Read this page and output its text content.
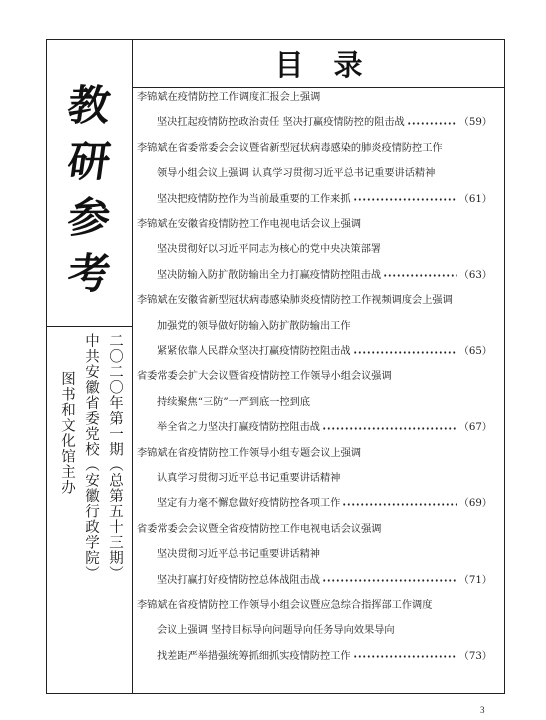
教
研
参
考
二〇二〇年第一期（总第五十三期）
中共安徽省委党校（安徽行政学院）
图书和文化馆主办
目录
李锦斌在疫情防控工作调度汇报会上强调
坚决扛起疫情防控政治责任 坚决打赢疫情防控的阻击战	（59）
李锦斌在省委常委会会议暨省新型冠状病毒感染的肺炎疫情防控工作
领导小组会议上强调 认真学习贯彻习近平总书记重要讲话精神
坚决把疫情防控作为当前最重要的工作来抓	（61）
李锦斌在安徽省疫情防控工作电视电话会议上强调
坚决贯彻好以习近平同志为核心的党中央决策部署
坚决防输入防扩散防输出全力打赢疫情防控阻击战	（63）
李锦斌在安徽省新型冠状病毒感染肺炎疫情防控工作视频调度会上强调
加强党的领导做好防输入防扩散防输出工作
紧紧依靠人民群众坚决打赢疫情防控阻击战	（65）
省委常委会扩大会议暨省疫情防控工作领导小组会议强调
持续聚焦“三防”一严到底一控到底
举全省之力坚决打赢疫情防控阻击战	（67）
李锦斌在省疫情防控工作领导小组专题会议上强调
认真学习贯彻习近平总书记重要讲话精神
坚定有力毫不懈怠做好疫情防控各项工作	（69）
省委常委会会议暨全省疫情防控工作电视电话会议强调
坚决贯彻习近平总书记重要讲话精神
坚决打赢打好疫情防控总体战阻击战	（71）
李锦斌在省疫情防控工作领导小组会议暨应急综合指挥部工作调度
会议上强调 坚持目标导向问题导向任务导向效果导向
找差距严举措强统筹抓细抓实疫情防控工作	（73）
3
